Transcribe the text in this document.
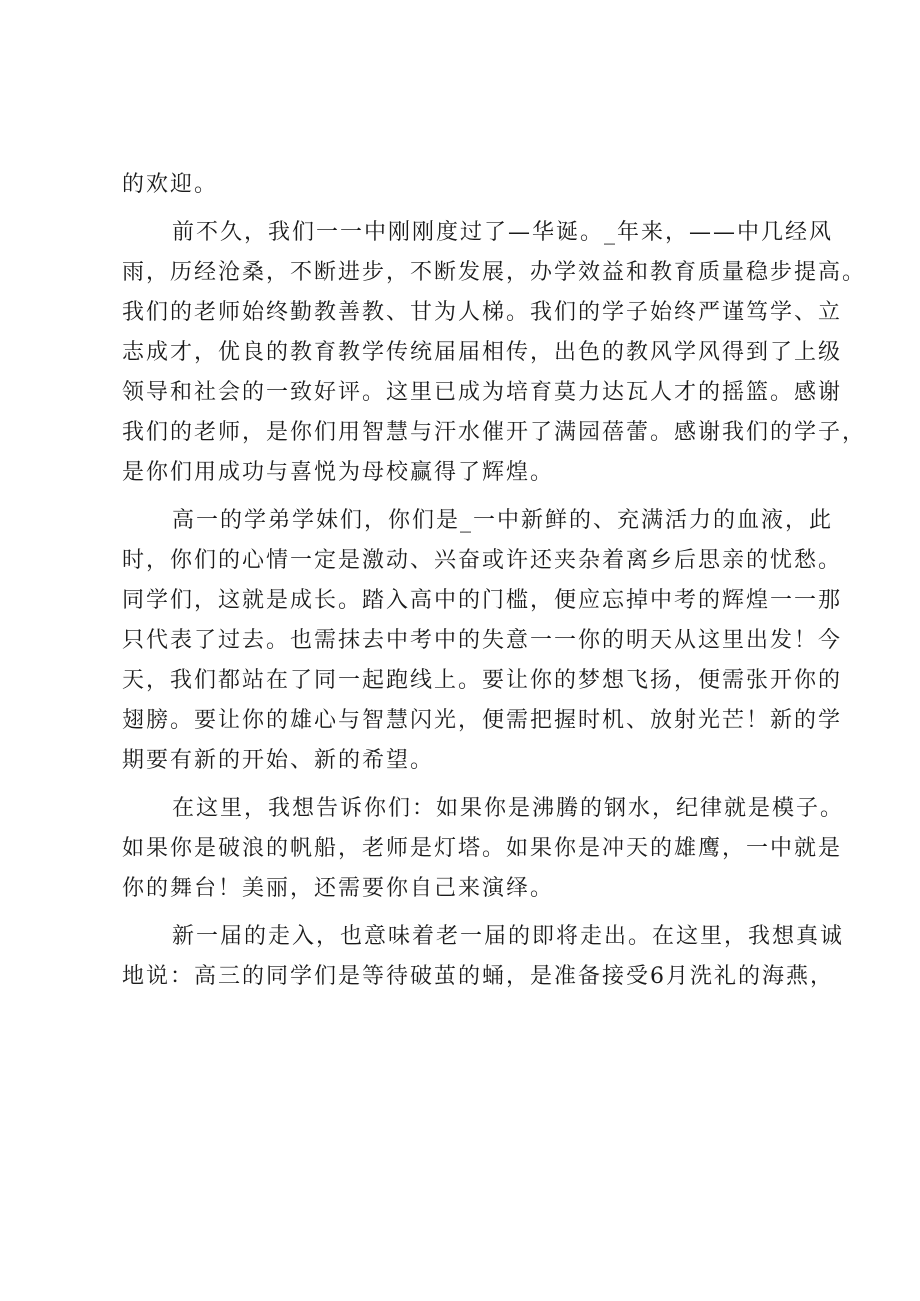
的欢迎。
前不久，我们一一中刚刚度过了—华诞。_年来，——中几经风
雨，历经沧桑，不断进步，不断发展，办学效益和教育质量稳步提高。
我们的老师始终勤教善教、甘为人梯。我们的学子始终严谨笃学、立
志成才，优良的教育教学传统届届相传，出色的教风学风得到了上级
领导和社会的一致好评。这里已成为培育莫力达瓦人才的摇篮。感谢
我们的老师，是你们用智慧与汗水催开了满园蓓蕾。感谢我们的学子，
是你们用成功与喜悦为母校赢得了辉煌。
高一的学弟学妹们，你们是_一中新鲜的、充满活力的血液，此
时，你们的心情一定是激动、兴奋或许还夹杂着离乡后思亲的忧愁。
同学们，这就是成长。踏入高中的门槛，便应忘掉中考的辉煌一一那
只代表了过去。也需抹去中考中的失意一一你的明天从这里出发！今
天，我们都站在了同一起跑线上。要让你的梦想飞扬，便需张开你的
翅膀。要让你的雄心与智慧闪光，便需把握时机、放射光芒！新的学
期要有新的开始、新的希望。
在这里，我想告诉你们：如果你是沸腾的钢水，纪律就是模子。
如果你是破浪的帆船，老师是灯塔。如果你是冲天的雄鹰，一中就是
你的舞台！美丽，还需要你自己来演绎。
新一届的走入，也意味着老一届的即将走出。在这里，我想真诚
地说：高三的同学们是等待破茧的蛹，是准备接受6月洗礼的海燕，
